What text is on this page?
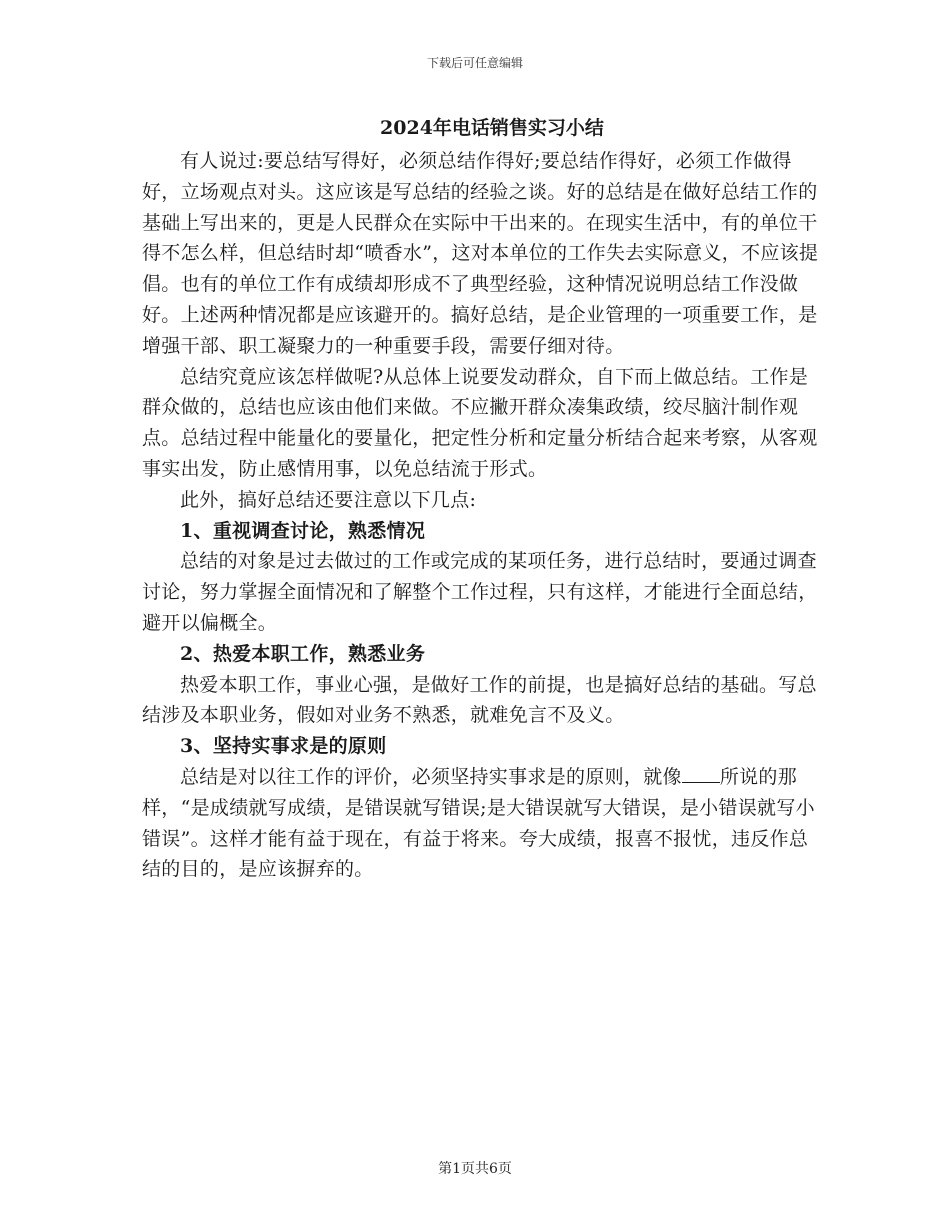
下载后可任意编辑
2024年电话销售实习小结

有人说过:要总结写得好，必须总结作得好;要总结作得好，必须工作做得好，立场观点对头。这应该是写总结的经验之谈。好的总结是在做好总结工作的基础上写出来的，更是人民群众在实际中干出来的。在现实生活中，有的单位干得不怎么样，但总结时却“喷香水”，这对本单位的工作失去实际意义，不应该提倡。也有的单位工作有成绩却形成不了典型经验，这种情况说明总结工作没做好。上述两种情况都是应该避开的。搞好总结，是企业管理的一项重要工作，是增强干部、职工凝聚力的一种重要手段，需要仔细对待。

总结究竟应该怎样做呢?从总体上说要发动群众，自下而上做总结。工作是群众做的，总结也应该由他们来做。不应撇开群众凑集政绩，绞尽脑汁制作观点。总结过程中能量化的要量化，把定性分析和定量分析结合起来考察，从客观事实出发，防止感情用事，以免总结流于形式。

此外，搞好总结还要注意以下几点:

1、重视调查讨论，熟悉情况

总结的对象是过去做过的工作或完成的某项任务，进行总结时，要通过调查讨论，努力掌握全面情况和了解整个工作过程，只有这样，才能进行全面总结，避开以偏概全。

2、热爱本职工作，熟悉业务

热爱本职工作，事业心强，是做好工作的前提，也是搞好总结的基础。写总结涉及本职业务，假如对业务不熟悉，就难免言不及义。

3、坚持实事求是的原则

总结是对以往工作的评价，必须坚持实事求是的原则，就像 所说的那样，“是成绩就写成绩，是错误就写错误;是大错误就写大错误，是小错误就写小错误”。这样才能有益于现在，有益于将来。夸大成绩，报喜不报忧，违反作总结的目的，是应该摒弃的。

第1页共6页
